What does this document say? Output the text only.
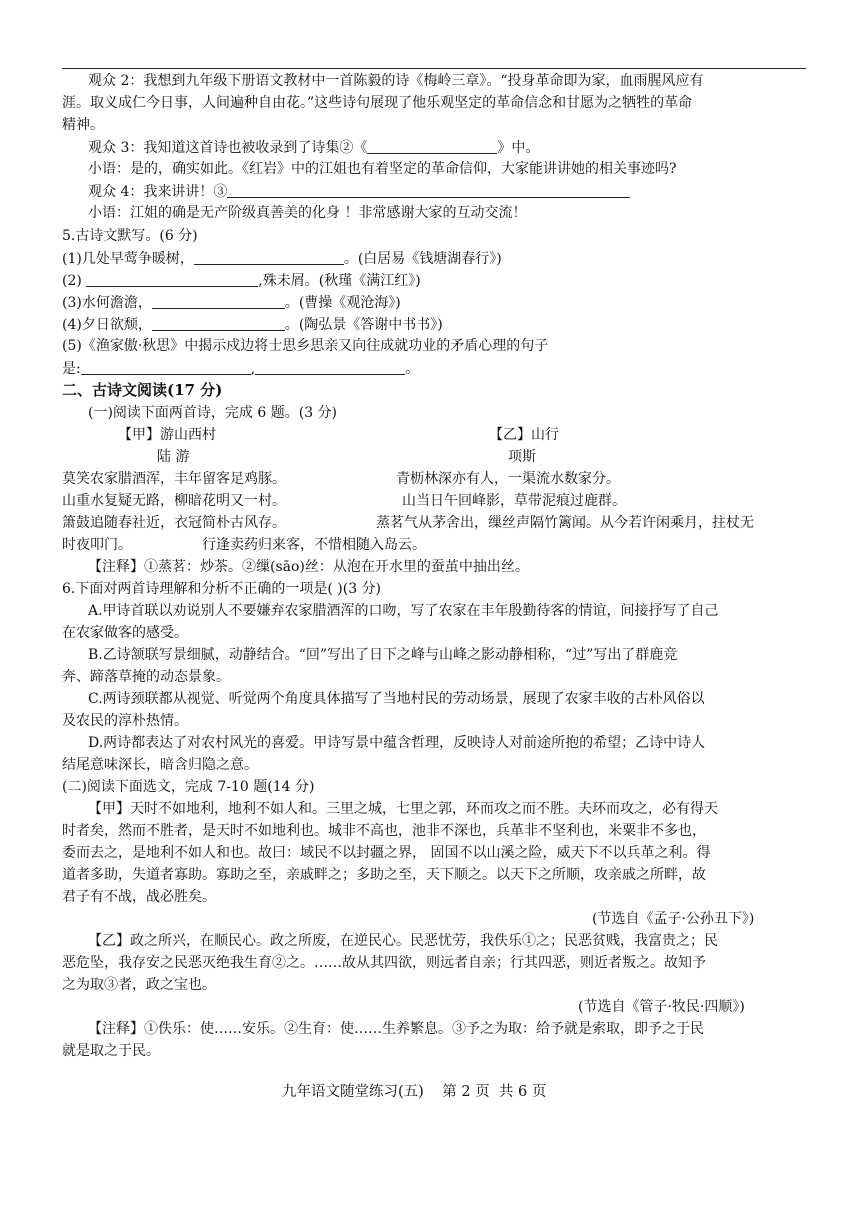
观众 2：我想到九年级下册语文教材中一首陈毅的诗《梅岭三章》。“投身革命即为家，血雨腥风应有
涯。取义成仁今日事，人间遍种自由花。”这些诗句展现了他乐观坚定的革命信念和甘愿为之牺牲的革命
精神。
观众 3：我知道这首诗也被收录到了诗集②《	》中。
小语：是的，确实如此。《红岩》中的江姐也有着坚定的革命信仰，大家能讲讲她的相关事迹吗?
观众 4：我来讲讲！③
小语：江姐的确是无产阶级真善美的化身 ！非常感谢大家的互动交流！
5.古诗文默写。(6 分)
(1)几处早莺争暖树，	。(白居易《钱塘湖春行》)
(2)	,殊未屑。(秋瑾《满江红》)
(3)水何澹澹，	。(曹操《观沧海》)
(4)夕日欲颓，	。(陶弘景《答谢中书书》)
(5)《渔家傲·秋思》中揭示戍边将士思乡思亲又向往成就功业的矛盾心理的句子
是:	,	。
二、古诗文阅读(17 分)
(一)阅读下面两首诗，完成 6 题。(3 分)
【甲】游山西村	【乙】山行
陆 游	项斯
莫笑农家腊酒浑，丰年留客足鸡豚。	青枥林深亦有人，一渠流水数家分。
山重水复疑无路，柳暗花明又一村。	山当日午回峰影，草带泥痕过鹿群。
箫鼓追随春社近，衣冠简朴古风存。	蒸茗气从茅舍出，缫丝声隔竹篱闻。从今若许闲乘月，拄杖无
时夜叩门。	行逢卖药归来客，不惜相随入岛云。
【注释】①蒸茗：炒茶。②缫(sāo)丝：从泡在开水里的蚕茧中抽出丝。
6.下面对两首诗理解和分析不正确的一项是( )(3 分)
A.甲诗首联以劝说别人不要嫌弃农家腊酒浑的口吻，写了农家在丰年殷勤待客的情谊，间接抒写了自己
在农家做客的感受。
B.乙诗颔联写景细腻，动静结合。“回”写出了日下之峰与山峰之影动静相称，“过”写出了群鹿竞
奔、蹄落草掩的动态景象。
C.两诗颈联都从视觉、听觉两个角度具体描写了当地村民的劳动场景，展现了农家丰收的古朴风俗以
及农民的淳朴热情。
D.两诗都表达了对农村风光的喜爱。甲诗写景中蕴含哲理，反映诗人对前途所抱的希望；乙诗中诗人
结尾意味深长，暗含归隐之意。
(二)阅读下面选文，完成 7-10 题(14 分)
【甲】天时不如地利，地利不如人和。三里之城，七里之郭，环而攻之而不胜。夫环而攻之，必有得天
时者矣，然而不胜者，是天时不如地利也。城非不高也，池非不深也，兵革非不坚利也，米粟非不多也，
委而去之，是地利不如人和也。故曰：域民不以封疆之界， 固国不以山溪之险，威天下不以兵革之利。得
道者多助，失道者寡助。寡助之至，亲戚畔之；多助之至，天下顺之。以天下之所顺，攻亲戚之所畔，故
君子有不战，战必胜矣。
(节选自《孟子·公孙丑下》)
【乙】政之所兴，在顺民心。政之所废，在逆民心。民恶忧劳，我佚乐①之；民恶贫贱，我富贵之；民
恶危坠，我存安之民恶灭绝我生育②之。……故从其四欲，则远者自亲；行其四恶，则近者叛之。故知予
之为取③者，政之宝也。
(节选自《管子·牧民·四顺》)
【注释】①佚乐：使……安乐。②生育：使……生养繁息。③予之为取：给予就是索取，即予之于民
就是取之于民。
九年语文随堂练习(五)    第 2 页  共 6 页
